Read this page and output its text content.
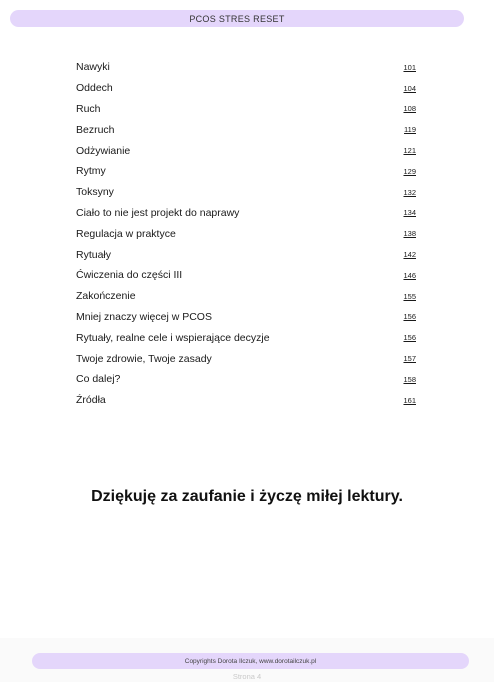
PCOS STRES RESET
Nawyki	101
Oddech	104
Ruch	108
Bezruch	119
Odżywianie	121
Rytmy	129
Toksyny	132
Ciało to nie jest projekt do naprawy	134
Regulacja w praktyce	138
Rytuały	142
Ćwiczenia do części III	146
Zakończenie	155
Mniej znaczy więcej w PCOS	156
Rytuały, realne cele i wspierające decyzje	156
Twoje zdrowie, Twoje zasady	157
Co dalej?	158
Źródła	161
Dziękuję za zaufanie i życzę miłej lektury.
Copyrights Dorota Ilczuk, www.dorotailczuk.pl
Strona 4
